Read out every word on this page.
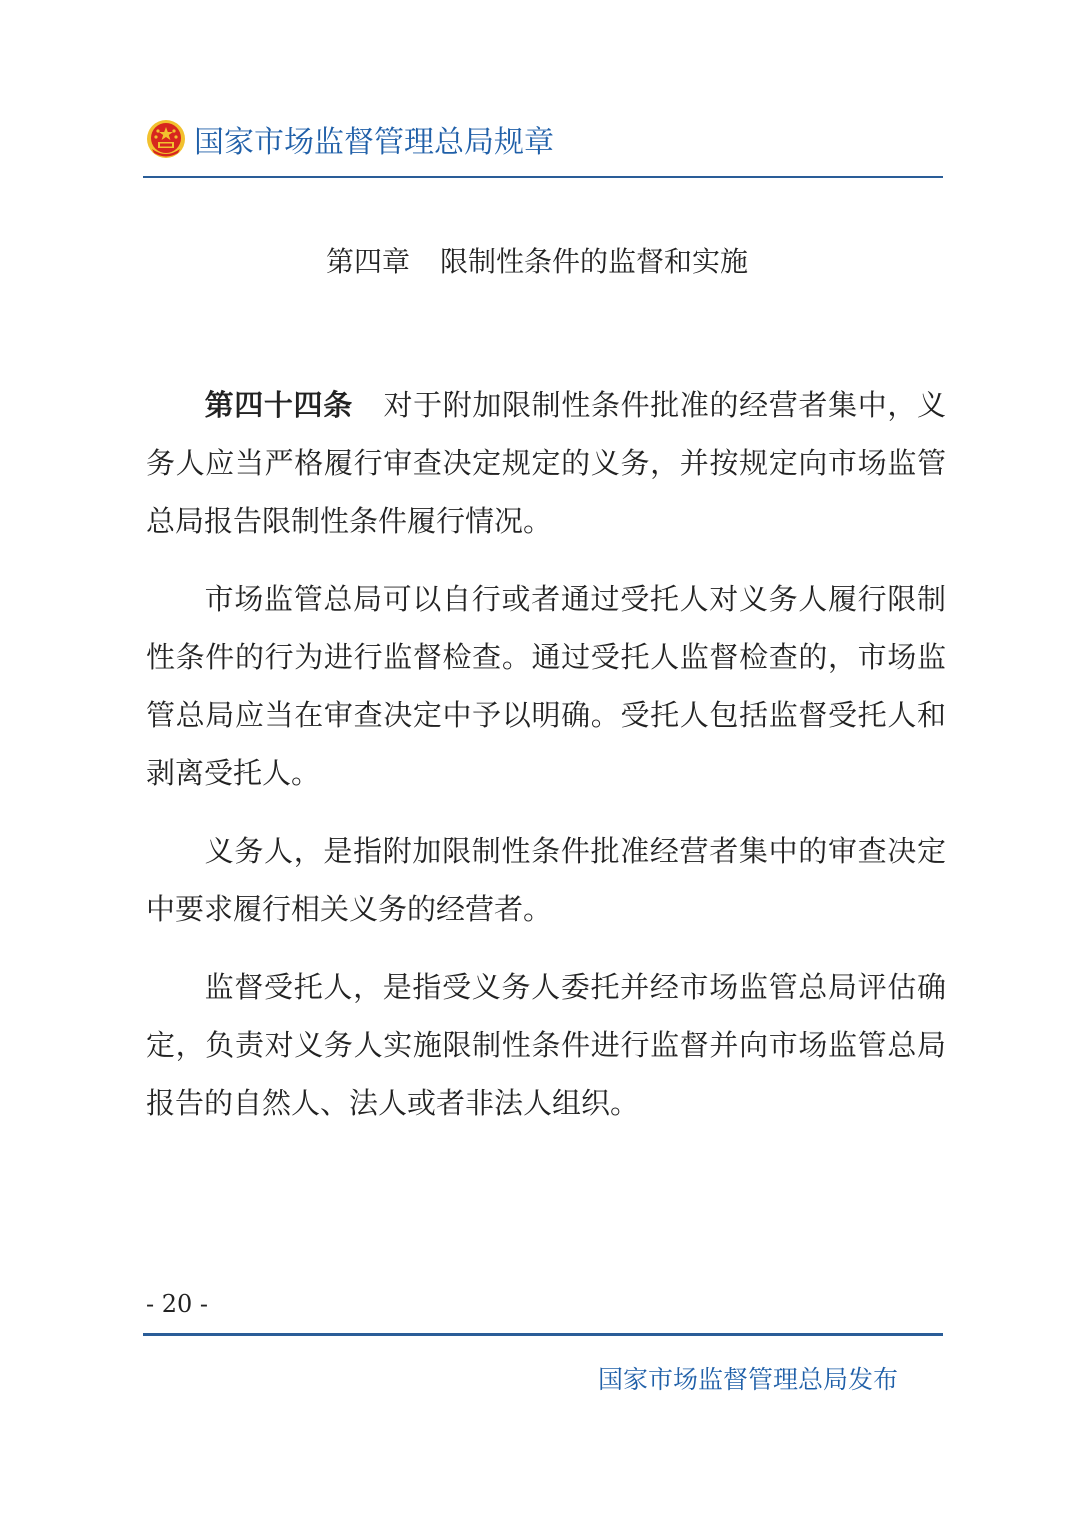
国家市场监督管理总局规章
第四章 限制性条件的监督和实施
第四十四条 对于附加限制性条件批准的经营者集中，义务人应当严格履行审查决定规定的义务，并按规定向市场监管总局报告限制性条件履行情况。
市场监管总局可以自行或者通过受托人对义务人履行限制性条件的行为进行监督检查。通过受托人监督检查的，市场监管总局应当在审查决定中予以明确。受托人包括监督受托人和剥离受托人。
义务人，是指附加限制性条件批准经营者集中的审查决定中要求履行相关义务的经营者。
监督受托人，是指受义务人委托并经市场监管总局评估确定，负责对义务人实施限制性条件进行监督并向市场监管总局报告的自然人、法人或者非法人组织。
- 20 -
国家市场监督管理总局发布
